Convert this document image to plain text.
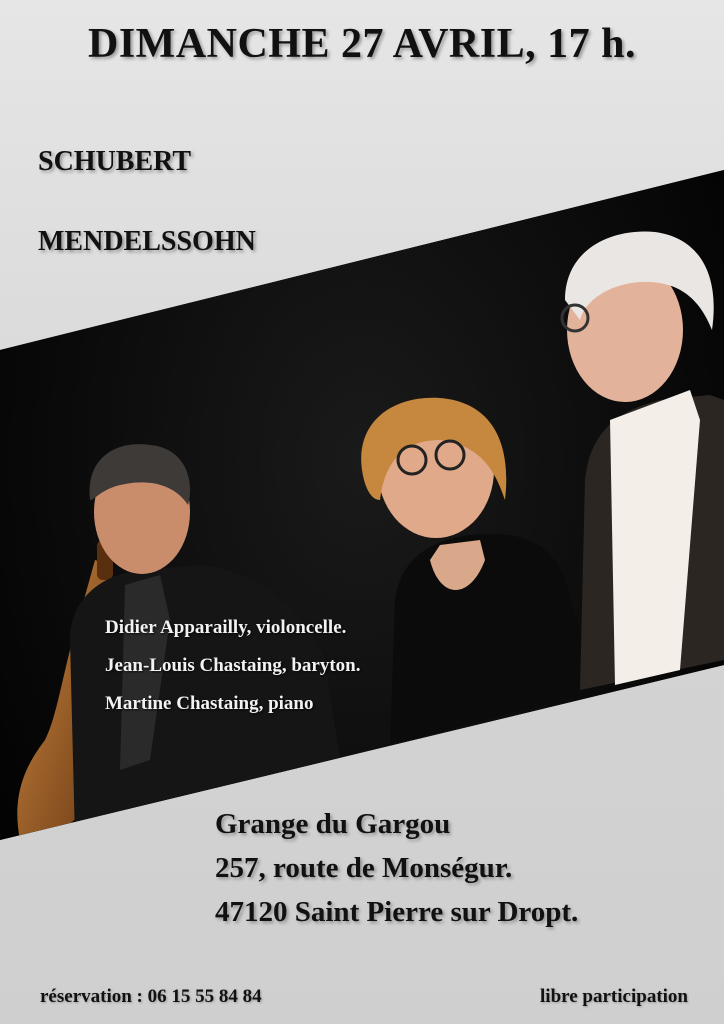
DIMANCHE 27 AVRIL, 17 h.
SCHUBERT
MENDELSSOHN
Didier Apparailly, violoncelle.
Jean-Louis Chastaing, baryton.
Martine Chastaing, piano
Grange du Gargou
257, route de Monségur.
47120 Saint Pierre sur Dropt.
réservation : 06 15 55 84 84	libre participation
